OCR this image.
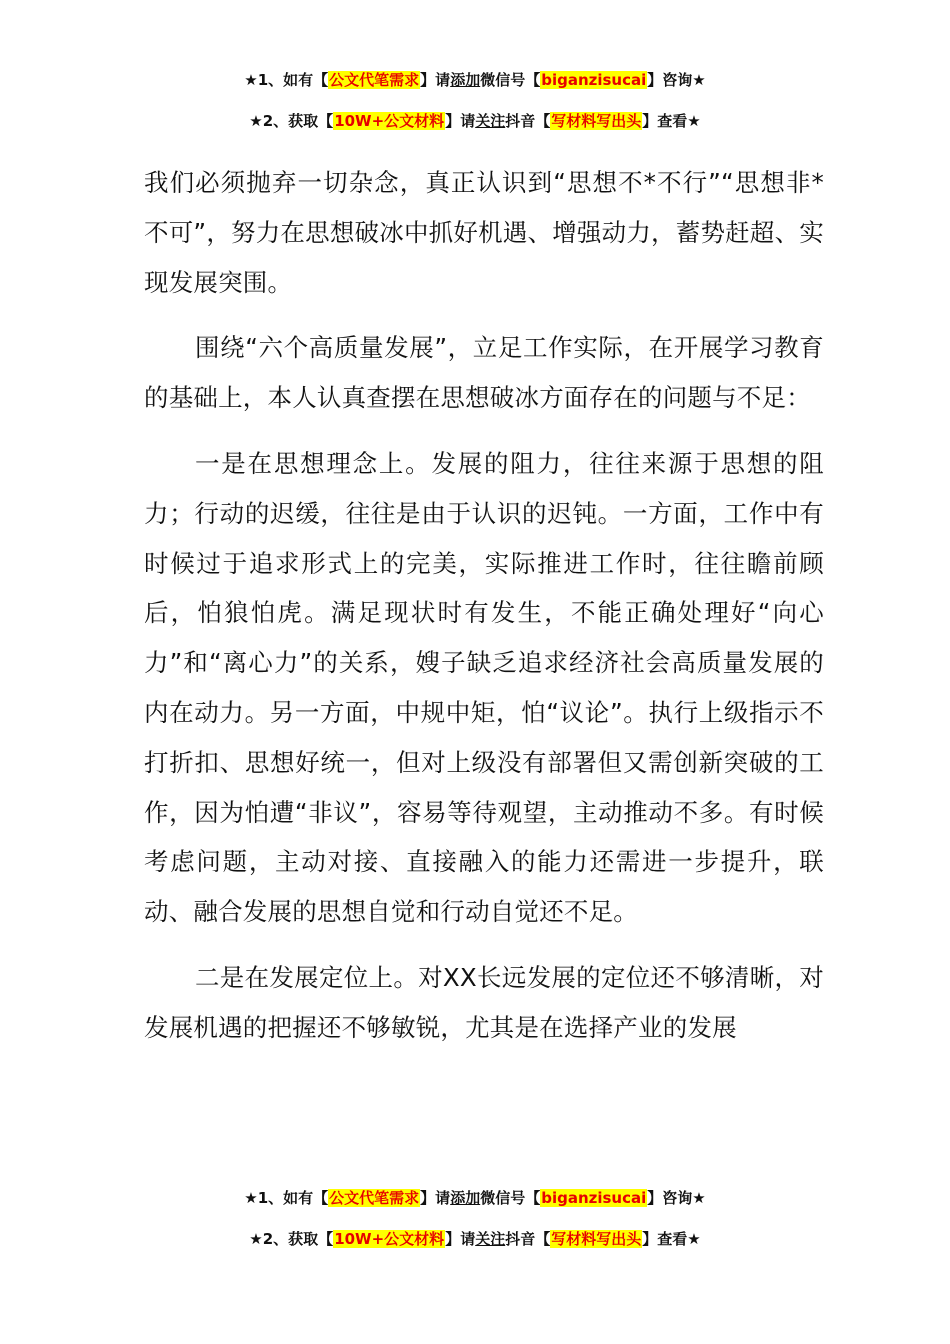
★1、如有【公文代笔需求】请添加微信号【biganzisucai】咨询★
★2、获取【10W+公文材料】请关注抖音【写材料写出头】查看★

我们必须抛弃一切杂念，真正认识到“思想不*不行”“思想非*不可”，努力在思想破冰中抓好机遇、增强动力，蓄势赶超、实现发展突围。

围绕“六个高质量发展”，立足工作实际，在开展学习教育的基础上，本人认真查摆在思想破冰方面存在的问题与不足：

一是在思想理念上。发展的阻力，往往来源于思想的阻力；行动的迟缓，往往是由于认识的迟钝。一方面，工作中有时候过于追求形式上的完美，实际推进工作时，往往瞻前顾后，怕狼怕虎。满足现状时有发生，不能正确处理好“向心力”和“离心力”的关系，嫂子缺乏追求经济社会高质量发展的内在动力。另一方面，中规中矩，怕“议论”。执行上级指示不打折扣、思想好统一，但对上级没有部署但又需创新突破的工作，因为怕遭“非议”，容易等待观望，主动推动不多。有时候考虑问题，主动对接、直接融入的能力还需进一步提升，联动、融合发展的思想自觉和行动自觉还不足。

二是在发展定位上。对XX长远发展的定位还不够清晰，对发展机遇的把握还不够敏锐，尤其是在选择产业的发展

★1、如有【公文代笔需求】请添加微信号【biganzisucai】咨询★
★2、获取【10W+公文材料】请关注抖音【写材料写出头】查看★
